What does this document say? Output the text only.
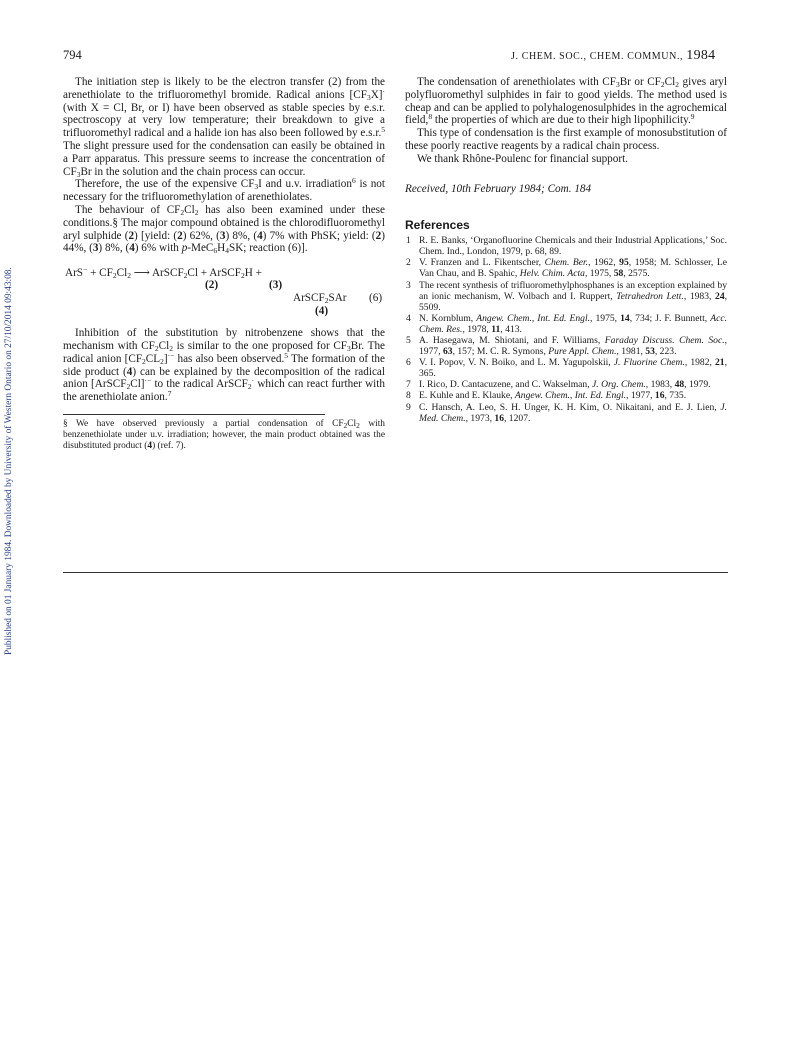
Published on 01 January 1984. Downloaded by University of Western Ontario on 27/10/2014 09:43:08.
794	J. CHEM. SOC., CHEM. COMMUN., 1984

The initiation step is likely to be the electron transfer (2) from the arenethiolate to the trifluoromethyl bromide. Radical anions $[CF_3X]^\cdot$ (with X = Cl, Br, or I) have been observed as stable species by e.s.r. spectroscopy at very low temperature; their breakdown to give a trifluoromethyl radical and a halide ion has also been followed by e.s.r.$^5$ The slight pressure used for the condensation can easily be obtained in a Parr apparatus. This pressure seems to increase the concentration of $CF_3Br$ in the solution and the chain process can occur.

Therefore, the use of the expensive $CF_3I$ and u.v. irradiation$^6$ is not necessary for the trifluoromethylation of arenethiolates.

The behaviour of $CF_2Cl_2$ has also been examined under these conditions.§ The major compound obtained is the chlorodifluoromethyl aryl sulphide (2) [yield: (2) 62%, (3) 8%, (4) 7% with PhSK; yield: (2) 44%, (3) 8%, (4) 6% with $p-MeC_6H_4SK$; reaction (6)].

$ArS^- + CF_2Cl_2$ ⟶ ArSCF$_2$Cl + ArSCF$_2$H +
(2)	(3)
ArSCF$_2$SAr (6)
(4)

Inhibition of the substitution by nitrobenzene shows that the mechanism with $CF_2Cl_2$ is similar to the one proposed for $CF_3Br$. The radical anion $[CF_2CL_2]^{\cdot-}$ has also been observed.$^5$ The formation of the side product (4) can be explained by the decomposition of the radical anion [ArSCF$_2$Cl]·− to the radical ArSCF$_2$· which can react further with the arenethiolate anion.$^7$

§ We have observed previously a partial condensation of $CF_2Cl_2$ with benzenethiolate under u.v. irradiation; however, the main product obtained was the disubstituted product (4) (ref. 7).

The condensation of arenethiolates with $CF_3Br$ or $CF_2Cl_2$ gives aryl polyfluoromethyl sulphides in fair to good yields. The method used is cheap and can be applied to polyhalogenosulphides in the agrochemical field,$^8$ the properties of which are due to their high lipophilicity.$^9$

This type of condensation is the first example of monosubstitution of these poorly reactive reagents by a radical chain process.

We thank Rhône-Poulenc for financial support.

Received, 10th February 1984; Com. 184

References
1 R. E. Banks, ‘Organofluorine Chemicals and their Industrial Applications,’ Soc. Chem. Ind., London, 1979, p. 68, 89.
2 V. Franzen and L. Fikentscher, Chem. Ber., 1962, 95, 1958; M. Schlosser, Le Van Chau, and B. Spahic, Helv. Chim. Acta, 1975, 58, 2575.
3 The recent synthesis of trifluoromethylphosphanes is an exception explained by an ionic mechanism, W. Volbach and I. Ruppert, Tetrahedron Lett., 1983, 24, 5509.
4 N. Kornblum, Angew. Chem., Int. Ed. Engl., 1975, 14, 734; J. F. Bunnett, Acc. Chem. Res., 1978, 11, 413.
5 A. Hasegawa, M. Shiotani, and F. Williams, Faraday Discuss. Chem. Soc., 1977, 63, 157; M. C. R. Symons, Pure Appl. Chem., 1981, 53, 223.
6 V. I. Popov, V. N. Boiko, and L. M. Yagupolskii, J. Fluorine Chem., 1982, 21, 365.
7 I. Rico, D. Cantacuzene, and C. Wakselman, J. Org. Chem., 1983, 48, 1979.
8 E. Kuhle and E. Klauke, Angew. Chem., Int. Ed. Engl., 1977, 16, 735.
9 C. Hansch, A. Leo, S. H. Unger, K. H. Kim, O. Nikaitani, and E. J. Lien, J. Med. Chem., 1973, 16, 1207.
